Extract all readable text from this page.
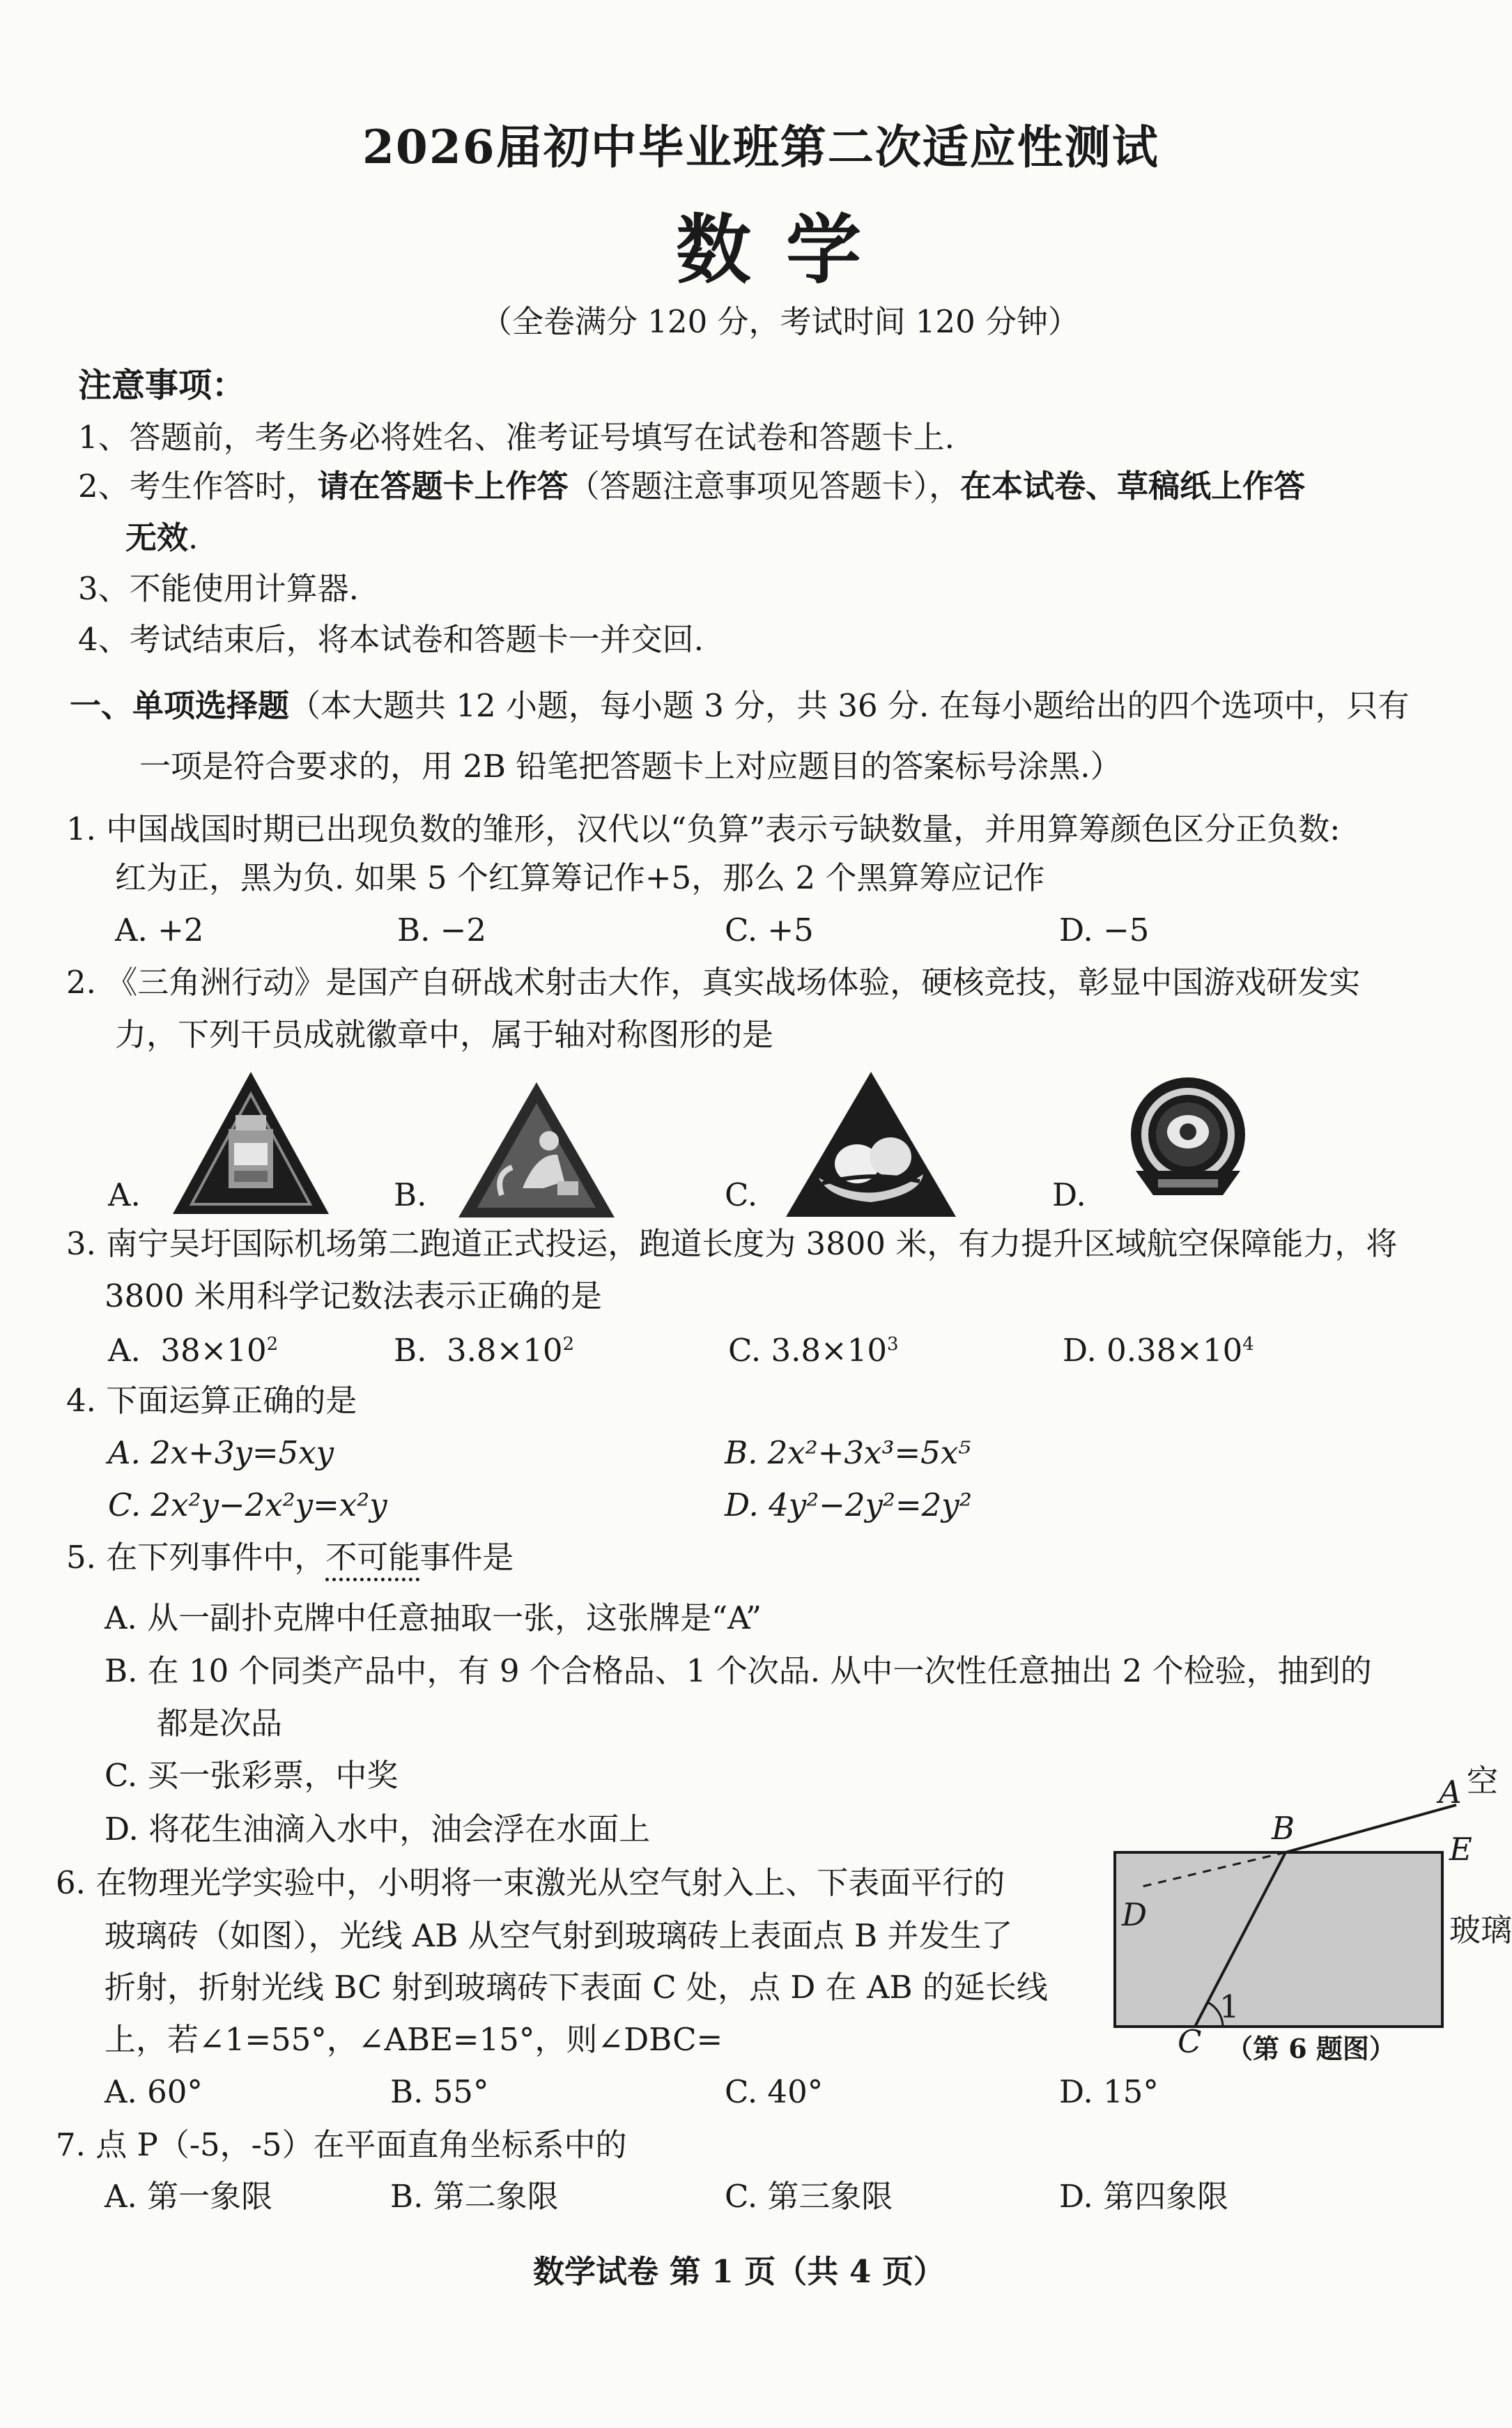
2026届初中毕业班第二次适应性测试
数学
（全卷满分 120 分，考试时间 120 分钟）
注意事项：
1、答题前，考生务必将姓名、准考证号填写在试卷和答题卡上.
2、考生作答时，请在答题卡上作答（答题注意事项见答题卡），在本试卷、草稿纸上作答
无效.
3、不能使用计算器.
4、考试结束后，将本试卷和答题卡一并交回.
一、单项选择题（本大题共 12 小题，每小题 3 分，共 36 分. 在每小题给出的四个选项中，只有
一项是符合要求的，用 2B 铅笔把答题卡上对应题目的答案标号涂黑.）
1. 中国战国时期已出现负数的雏形，汉代以“负算”表示亏缺数量，并用算筹颜色区分正负数:
红为正，黑为负. 如果 5 个红算筹记作+5，那么 2 个黑算筹应记作
A. +2	B. −2	C. +5	D. −5
2. 《三角洲行动》是国产自研战术射击大作，真实战场体验，硬核竞技，彰显中国游戏研发实
力，下列干员成就徽章中，属于轴对称图形的是
A.	B.	C.	D.
3. 南宁吴圩国际机场第二跑道正式投运，跑道长度为 3800 米，有力提升区域航空保障能力，将
3800 米用科学记数法表示正确的是
A. $38\times 10^2$	B. $3.8\times 10^2$	C. $3.8\times 10^3$	D. $0.38\times 10^4$
4. 下面运算正确的是
A. 2x+3y=5xy	B. 2x²+3x³=5x⁵
C. 2x²y−2x²y=x²y	D. 4y²−2y²=2y²
5. 在下列事件中，不可能事件是
A. 从一副扑克牌中任意抽取一张，这张牌是“A”
B. 在 10 个同类产品中，有 9 个合格品、1 个次品. 从中一次性任意抽出 2 个检验，抽到的
都是次品
C. 买一张彩票，中奖
D. 将花生油滴入水中，油会浮在水面上
6. 在物理光学实验中，小明将一束激光从空气射入上、下表面平行的
玻璃砖（如图），光线 AB 从空气射到玻璃砖上表面点 B 并发生了
折射，折射光线 BC 射到玻璃砖下表面 C 处，点 D 在 AB 的延长线
上，若∠1=55°，∠ABE=15°，则∠DBC=
A. 60°	B. 55°	C. 40°	D. 15°
A 空
B
E
D	玻璃
1
C （第 6 题图）
7. 点 P（-5，-5）在平面直角坐标系中的
A. 第一象限	B. 第二象限	C. 第三象限	D. 第四象限
数学试卷 第 1 页（共 4 页）
